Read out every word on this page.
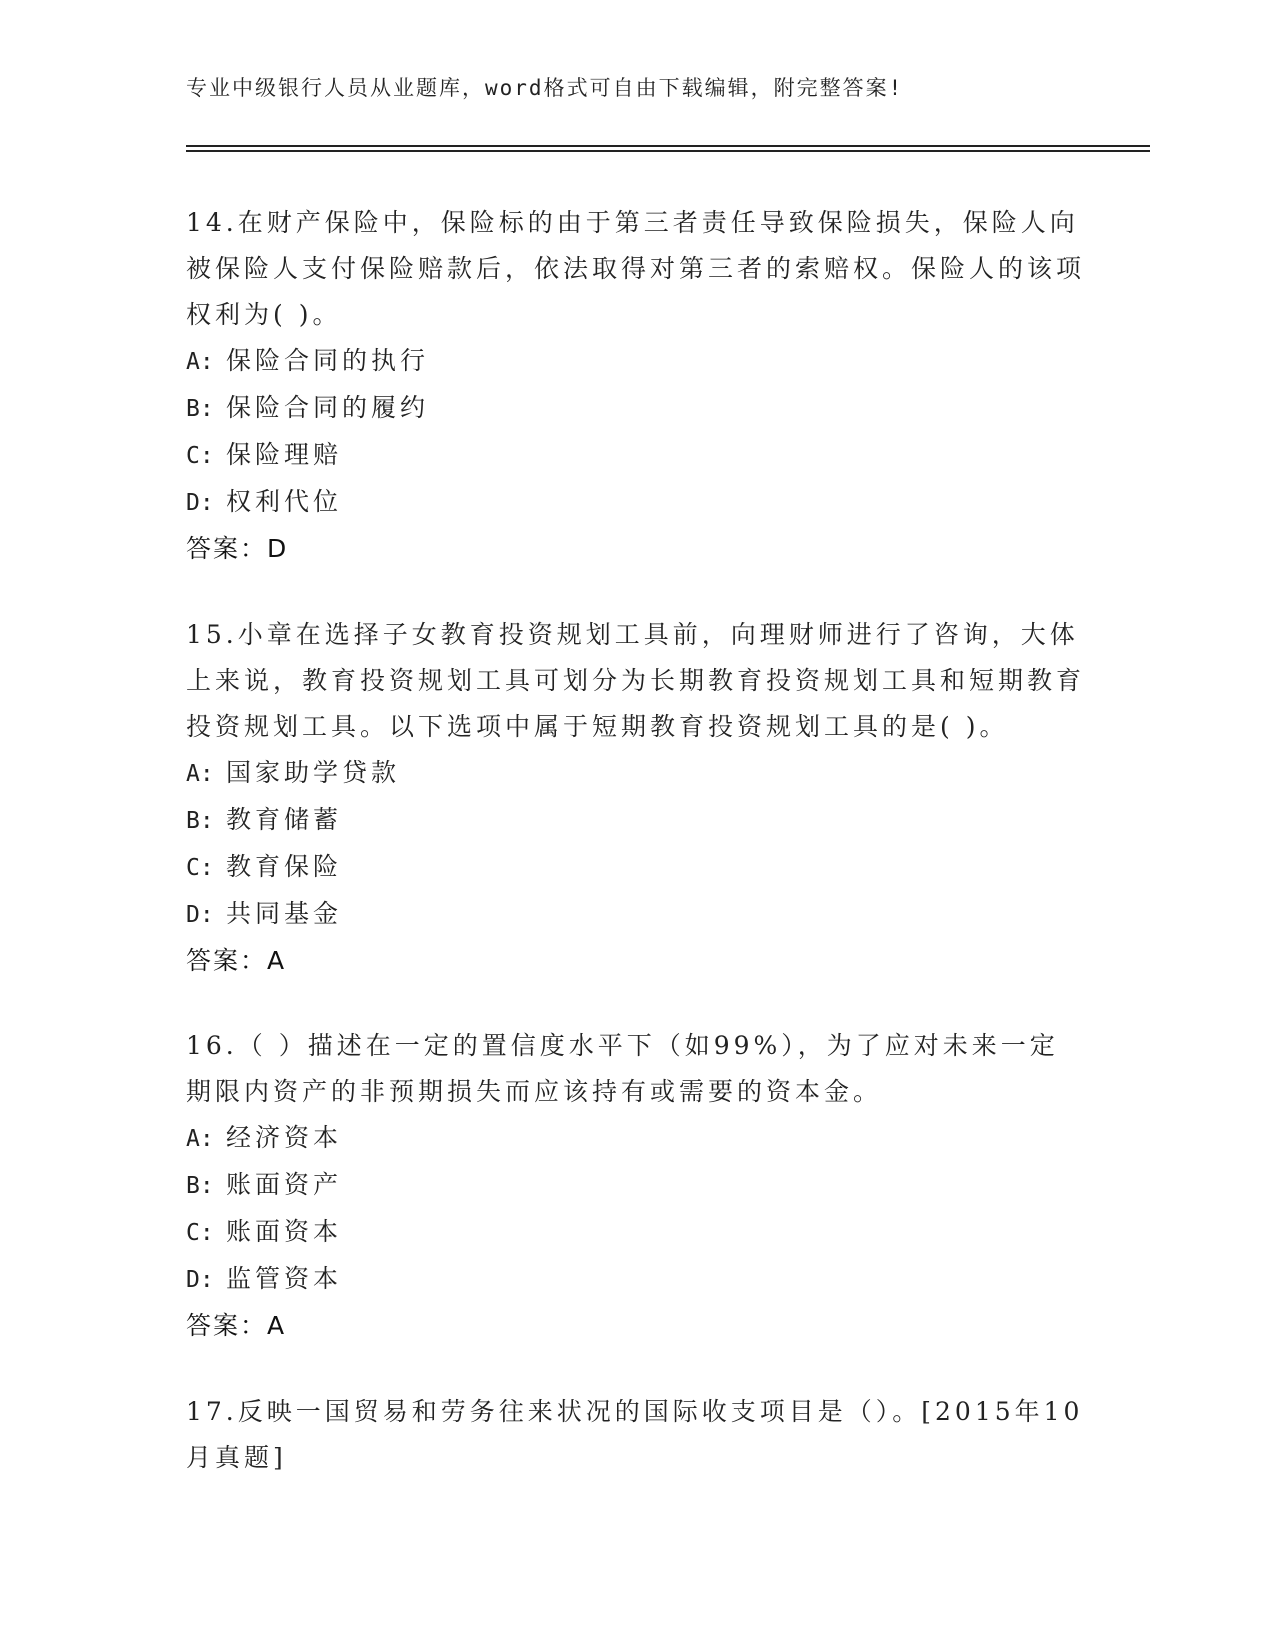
专业中级银行人员从业题库，word格式可自由下载编辑，附完整答案!

14.在财产保险中，保险标的由于第三者责任导致保险损失，保险人向被保险人支付保险赔款后，依法取得对第三者的索赔权。保险人的该项权利为( )。

A: 保险合同的执行

B: 保险合同的履约

C: 保险理赔

D: 权利代位

答案：D

15.小章在选择子女教育投资规划工具前，向理财师进行了咨询，大体上来说，教育投资规划工具可划分为长期教育投资规划工具和短期教育投资规划工具。以下选项中属于短期教育投资规划工具的是( )。

A: 国家助学贷款

B: 教育储蓄

C: 教育保险

D: 共同基金

答案：A

16.（ ）描述在一定的置信度水平下（如99%），为了应对未来一定期限内资产的非预期损失而应该持有或需要的资本金。

A: 经济资本

B: 账面资产

C: 账面资本

D: 监管资本

答案：A

17.反映一国贸易和劳务往来状况的国际收支项目是（）。[2015年10月真题]
